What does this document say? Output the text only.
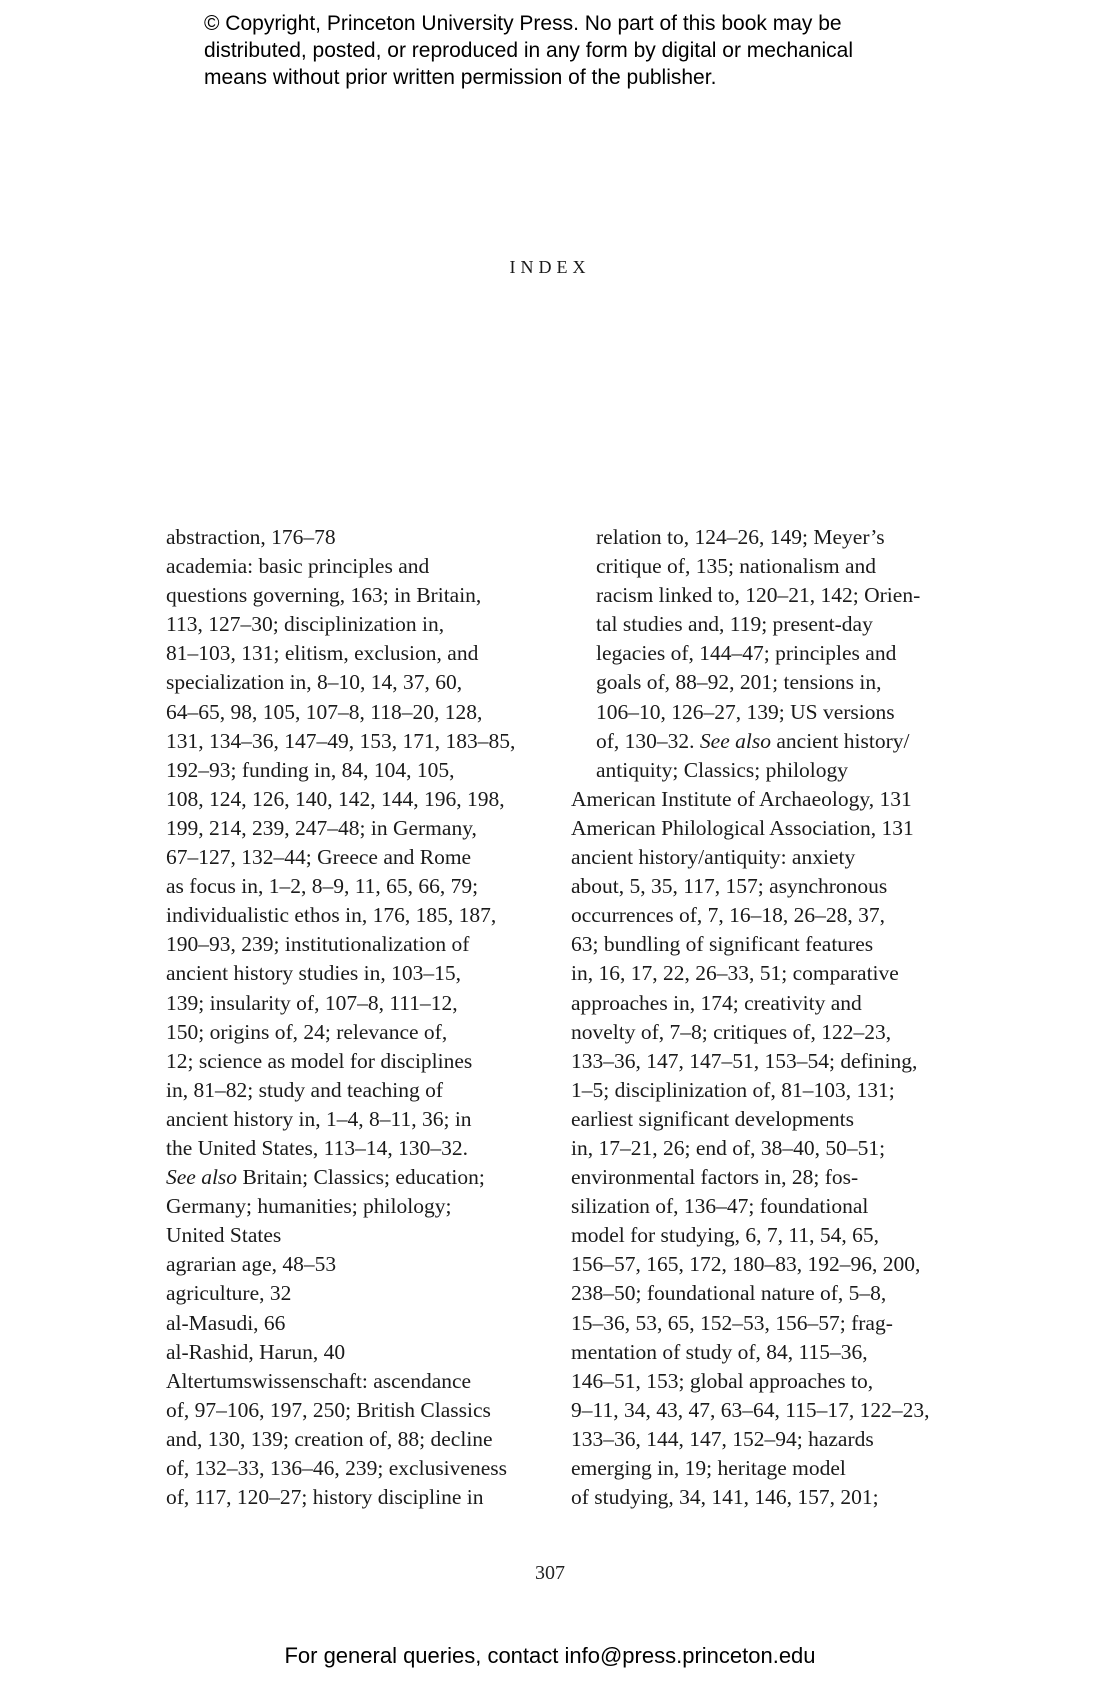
© Copyright, Princeton University Press. No part of this book may be
distributed, posted, or reproduced in any form by digital or mechanical
means without prior written permission of the publisher.
index
abstraction, 176–78
academia: basic principles and
questions governing, 163; in Britain,
113, 127–30; disciplinization in,
81–103, 131; elitism, exclusion, and
specialization in, 8–10, 14, 37, 60,
64–65, 98, 105, 107–8, 118–20, 128,
131, 134–36, 147–49, 153, 171, 183–85,
192–93; funding in, 84, 104, 105,
108, 124, 126, 140, 142, 144, 196, 198,
199, 214, 239, 247–48; in Germany,
67–127, 132–44; Greece and Rome
as focus in, 1–2, 8–9, 11, 65, 66, 79;
individualistic ethos in, 176, 185, 187,
190–93, 239; institutionalization of
ancient history studies in, 103–15,
139; insularity of, 107–8, 111–12,
150; origins of, 24; relevance of,
12; science as model for disciplines
in, 81–82; study and teaching of
ancient history in, 1–4, 8–11, 36; in
the United States, 113–14, 130–32.
See also Britain; Classics; education;
Germany; humanities; philology;
United States
agrarian age, 48–53
agriculture, 32
al-Masudi, 66
al-Rashid, Harun, 40
Altertumswissenschaft: ascendance
of, 97–106, 197, 250; British Classics
and, 130, 139; creation of, 88; decline
of, 132–33, 136–46, 239; exclusiveness
of, 117, 120–27; history discipline in
relation to, 124–26, 149; Meyer’s
critique of, 135; nationalism and
racism linked to, 120–21, 142; Orien-
tal studies and, 119; present-day
legacies of, 144–47; principles and
goals of, 88–92, 201; tensions in,
106–10, 126–27, 139; US versions
of, 130–32. See also ancient history/
antiquity; Classics; philology
American Institute of Archaeology, 131
American Philological Association, 131
ancient history/antiquity: anxiety
about, 5, 35, 117, 157; asynchronous
occurrences of, 7, 16–18, 26–28, 37,
63; bundling of significant features
in, 16, 17, 22, 26–33, 51; comparative
approaches in, 174; creativity and
novelty of, 7–8; critiques of, 122–23,
133–36, 147, 147–51, 153–54; defining,
1–5; disciplinization of, 81–103, 131;
earliest significant developments
in, 17–21, 26; end of, 38–40, 50–51;
environmental factors in, 28; fos-
silization of, 136–47; foundational
model for studying, 6, 7, 11, 54, 65,
156–57, 165, 172, 180–83, 192–96, 200,
238–50; foundational nature of, 5–8,
15–36, 53, 65, 152–53, 156–57; frag-
mentation of study of, 84, 115–36,
146–51, 153; global approaches to,
9–11, 34, 43, 47, 63–64, 115–17, 122–23,
133–36, 144, 147, 152–94; hazards
emerging in, 19; heritage model
of studying, 34, 141, 146, 157, 201;
307
For general queries, contact info@press.princeton.edu
